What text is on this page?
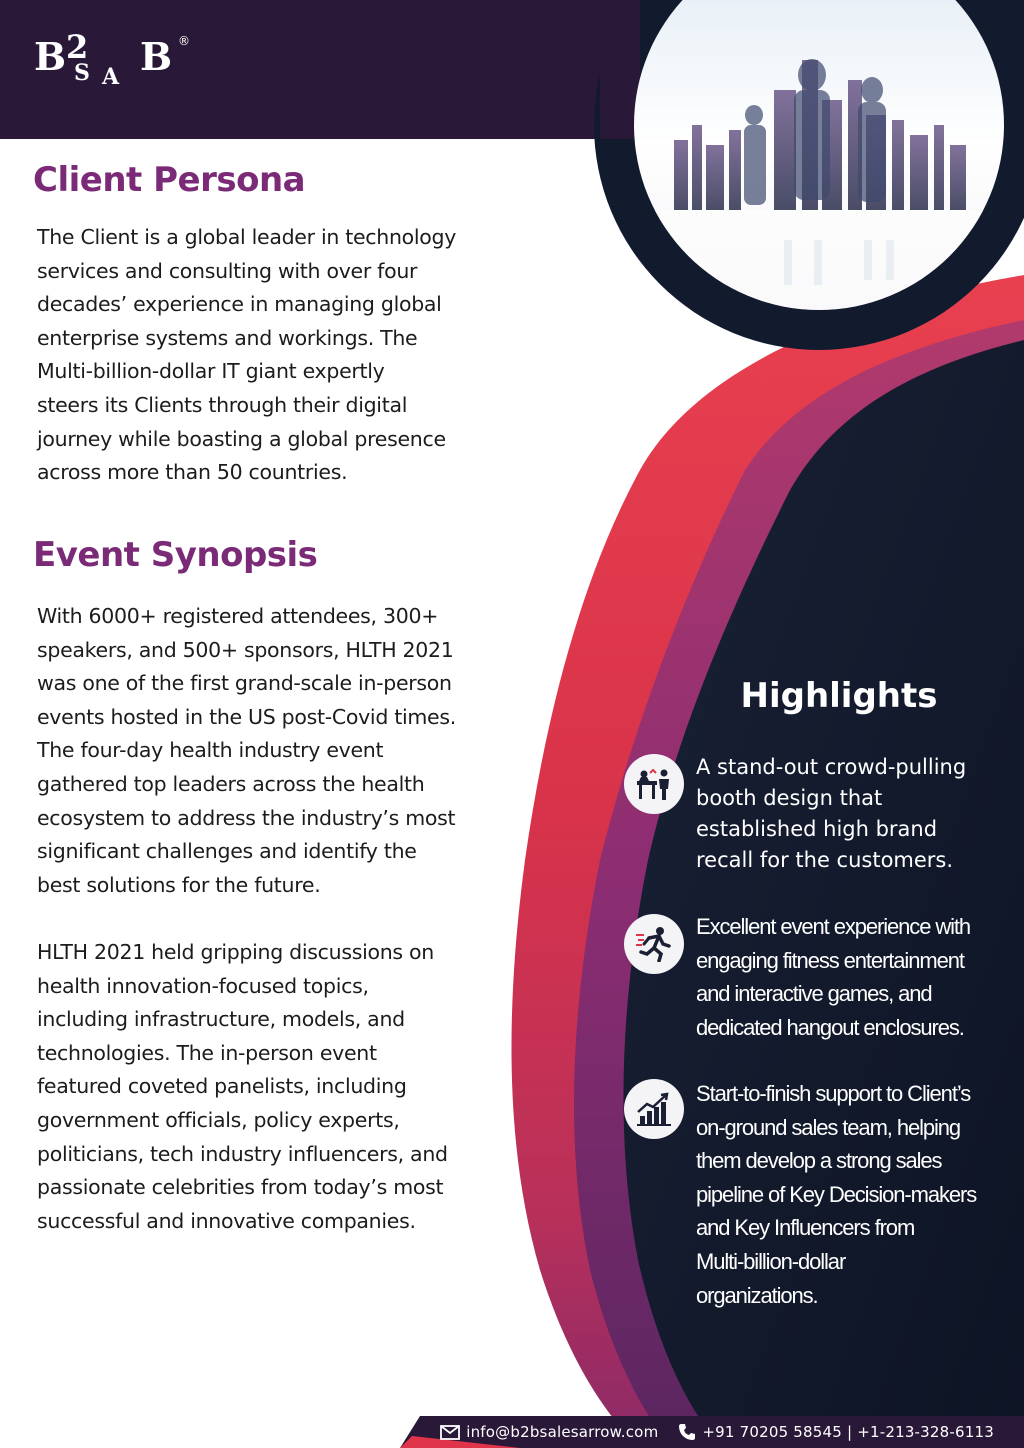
B 2 B
S A
®
Client Persona
The Client is a global leader in technology
services and consulting with over four
decades’ experience in managing global
enterprise systems and workings. The
Multi-billion-dollar IT giant expertly
steers its Clients through their digital
journey while boasting a global presence
across more than 50 countries.
Event Synopsis
With 6000+ registered attendees, 300+
speakers, and 500+ sponsors, HLTH 2021
was one of the first grand-scale in-person
events hosted in the US post-Covid times.
The four-day health industry event
gathered top leaders across the health
ecosystem to address the industry’s most
significant challenges and identify the
best solutions for the future.
HLTH 2021 held gripping discussions on
health innovation-focused topics,
including infrastructure, models, and
technologies. The in-person event
featured coveted panelists, including
government officials, policy experts,
politicians, tech industry influencers, and
passionate celebrities from today’s most
successful and innovative companies.
Highlights
A stand-out crowd-pulling
booth design that
established high brand
recall for the customers.
Excellent event experience with
engaging fitness entertainment
and interactive games, and
dedicated hangout enclosures.
Start-to-finish support to Client’s
on-ground sales team, helping
them develop a strong sales
pipeline of Key Decision-makers
and Key Influencers from
Multi-billion-dollar
organizations.
info@b2bsalesarrow.com	+91 70205 58545 | +1-213-328-6113
